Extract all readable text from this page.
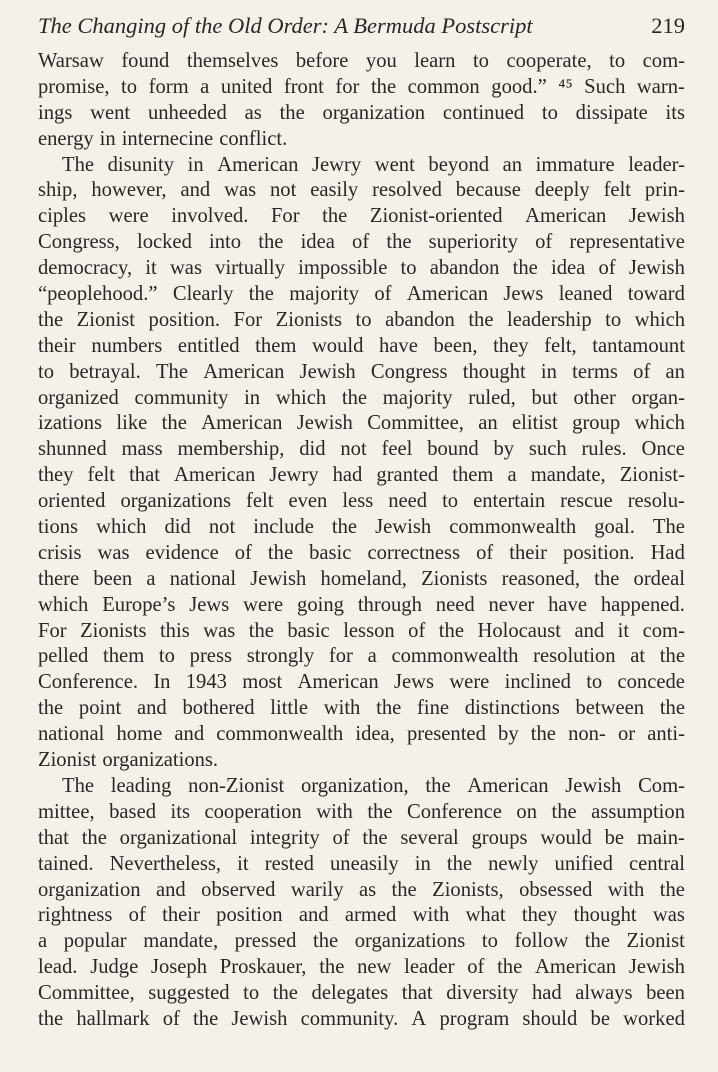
The Changing of the Old Order: A Bermuda Postscript	219
Warsaw found themselves before you learn to cooperate, to com-
promise, to form a united front for the common good.” ⁴⁵ Such warn-
ings went unheeded as the organization continued to dissipate its
energy in internecine conflict.
The disunity in American Jewry went beyond an immature leader-
ship, however, and was not easily resolved because deeply felt prin-
ciples were involved. For the Zionist-oriented American Jewish
Congress, locked into the idea of the superiority of representative
democracy, it was virtually impossible to abandon the idea of Jewish
“peoplehood.” Clearly the majority of American Jews leaned toward
the Zionist position. For Zionists to abandon the leadership to which
their numbers entitled them would have been, they felt, tantamount
to betrayal. The American Jewish Congress thought in terms of an
organized community in which the majority ruled, but other organ-
izations like the American Jewish Committee, an elitist group which
shunned mass membership, did not feel bound by such rules. Once
they felt that American Jewry had granted them a mandate, Zionist-
oriented organizations felt even less need to entertain rescue resolu-
tions which did not include the Jewish commonwealth goal. The
crisis was evidence of the basic correctness of their position. Had
there been a national Jewish homeland, Zionists reasoned, the ordeal
which Europe’s Jews were going through need never have happened.
For Zionists this was the basic lesson of the Holocaust and it com-
pelled them to press strongly for a commonwealth resolution at the
Conference. In 1943 most American Jews were inclined to concede
the point and bothered little with the fine distinctions between the
national home and commonwealth idea, presented by the non- or anti-
Zionist organizations.
The leading non-Zionist organization, the American Jewish Com-
mittee, based its cooperation with the Conference on the assumption
that the organizational integrity of the several groups would be main-
tained. Nevertheless, it rested uneasily in the newly unified central
organization and observed warily as the Zionists, obsessed with the
rightness of their position and armed with what they thought was
a popular mandate, pressed the organizations to follow the Zionist
lead. Judge Joseph Proskauer, the new leader of the American Jewish
Committee, suggested to the delegates that diversity had always been
the hallmark of the Jewish community. A program should be worked
